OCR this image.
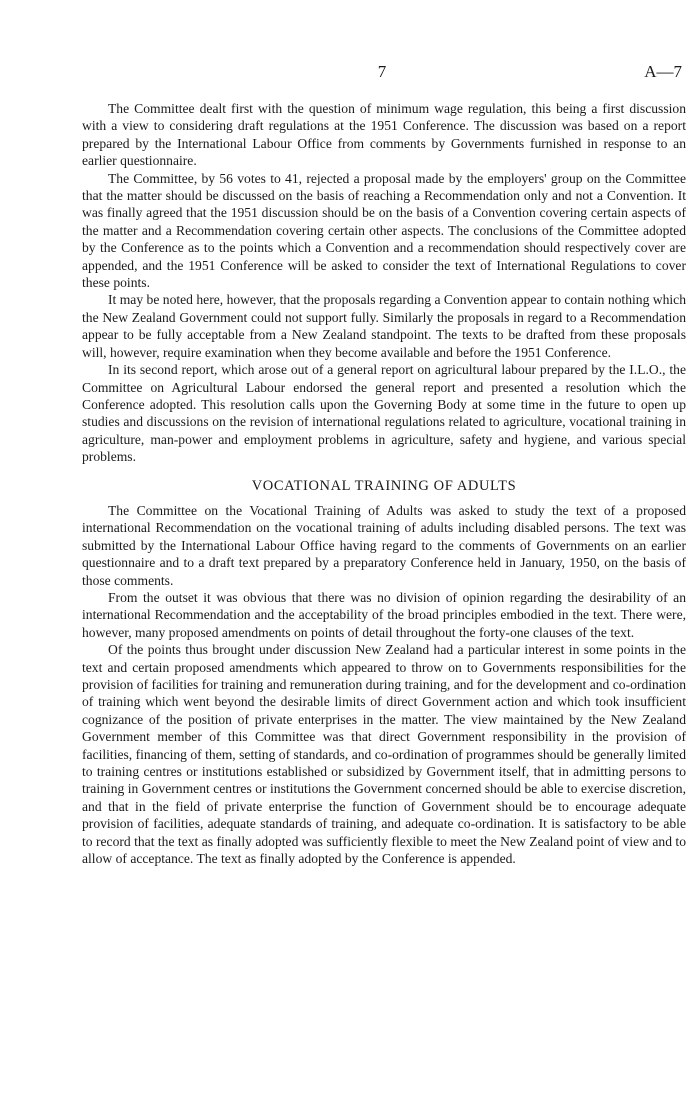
7	A—7

The Committee dealt first with the question of minimum wage regulation, this being a first discussion with a view to considering draft regulations at the 1951 Conference. The discussion was based on a report prepared by the International Labour Office from comments by Governments furnished in response to an earlier questionnaire.

The Committee, by 56 votes to 41, rejected a proposal made by the employers' group on the Committee that the matter should be discussed on the basis of reaching a Recommendation only and not a Convention. It was finally agreed that the 1951 discussion should be on the basis of a Convention covering certain aspects of the matter and a Recommendation covering certain other aspects. The conclusions of the Committee adopted by the Conference as to the points which a Convention and a recommendation should respectively cover are appended, and the 1951 Conference will be asked to consider the text of International Regulations to cover these points.

It may be noted here, however, that the proposals regarding a Convention appear to contain nothing which the New Zealand Government could not support fully. Similarly the proposals in regard to a Recommendation appear to be fully acceptable from a New Zealand standpoint. The texts to be drafted from these proposals will, however, require examination when they become available and before the 1951 Conference.

In its second report, which arose out of a general report on agricultural labour prepared by the I.L.O., the Committee on Agricultural Labour endorsed the general report and presented a resolution which the Conference adopted. This resolution calls upon the Governing Body at some time in the future to open up studies and discussions on the revision of international regulations related to agriculture, vocational training in agriculture, man-power and employment problems in agriculture, safety and hygiene, and various special problems.

VOCATIONAL TRAINING OF ADULTS

The Committee on the Vocational Training of Adults was asked to study the text of a proposed international Recommendation on the vocational training of adults including disabled persons. The text was submitted by the International Labour Office having regard to the comments of Governments on an earlier questionnaire and to a draft text prepared by a preparatory Conference held in January, 1950, on the basis of those comments.

From the outset it was obvious that there was no division of opinion regarding the desirability of an international Recommendation and the acceptability of the broad principles embodied in the text. There were, however, many proposed amendments on points of detail throughout the forty-one clauses of the text.

Of the points thus brought under discussion New Zealand had a particular interest in some points in the text and certain proposed amendments which appeared to throw on to Governments responsibilities for the provision of facilities for training and remuneration during training, and for the development and co-ordination of training which went beyond the desirable limits of direct Government action and which took insufficient cognizance of the position of private enterprises in the matter. The view maintained by the New Zealand Government member of this Committee was that direct Government responsibility in the provision of facilities, financing of them, setting of standards, and co-ordination of programmes should be generally limited to training centres or institutions established or subsidized by Government itself, that in admitting persons to training in Government centres or institutions the Government concerned should be able to exercise discretion, and that in the field of private enterprise the function of Government should be to encourage adequate provision of facilities, adequate standards of training, and adequate co-ordination. It is satisfactory to be able to record that the text as finally adopted was sufficiently flexible to meet the New Zealand point of view and to allow of acceptance. The text as finally adopted by the Conference is appended.
